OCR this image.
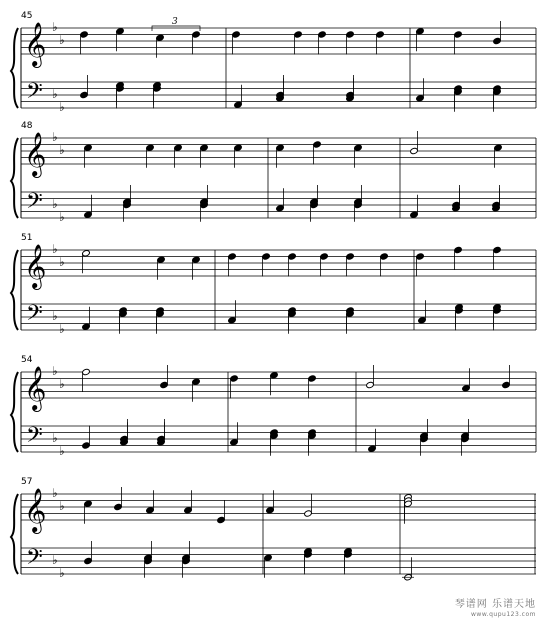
45
𝄞
𝄢
♭
♭
♭
♭
48
𝄞
𝄢
♭
♭
♭
♭
51
𝄞
𝄢
♭
♭
♭
♭
54
𝄞
𝄢
♭
♭
♭
♭
57
𝄞
𝄢
♭
♭
♭
♭
3
琴谱网 乐谱天地
www.qupu123.com
